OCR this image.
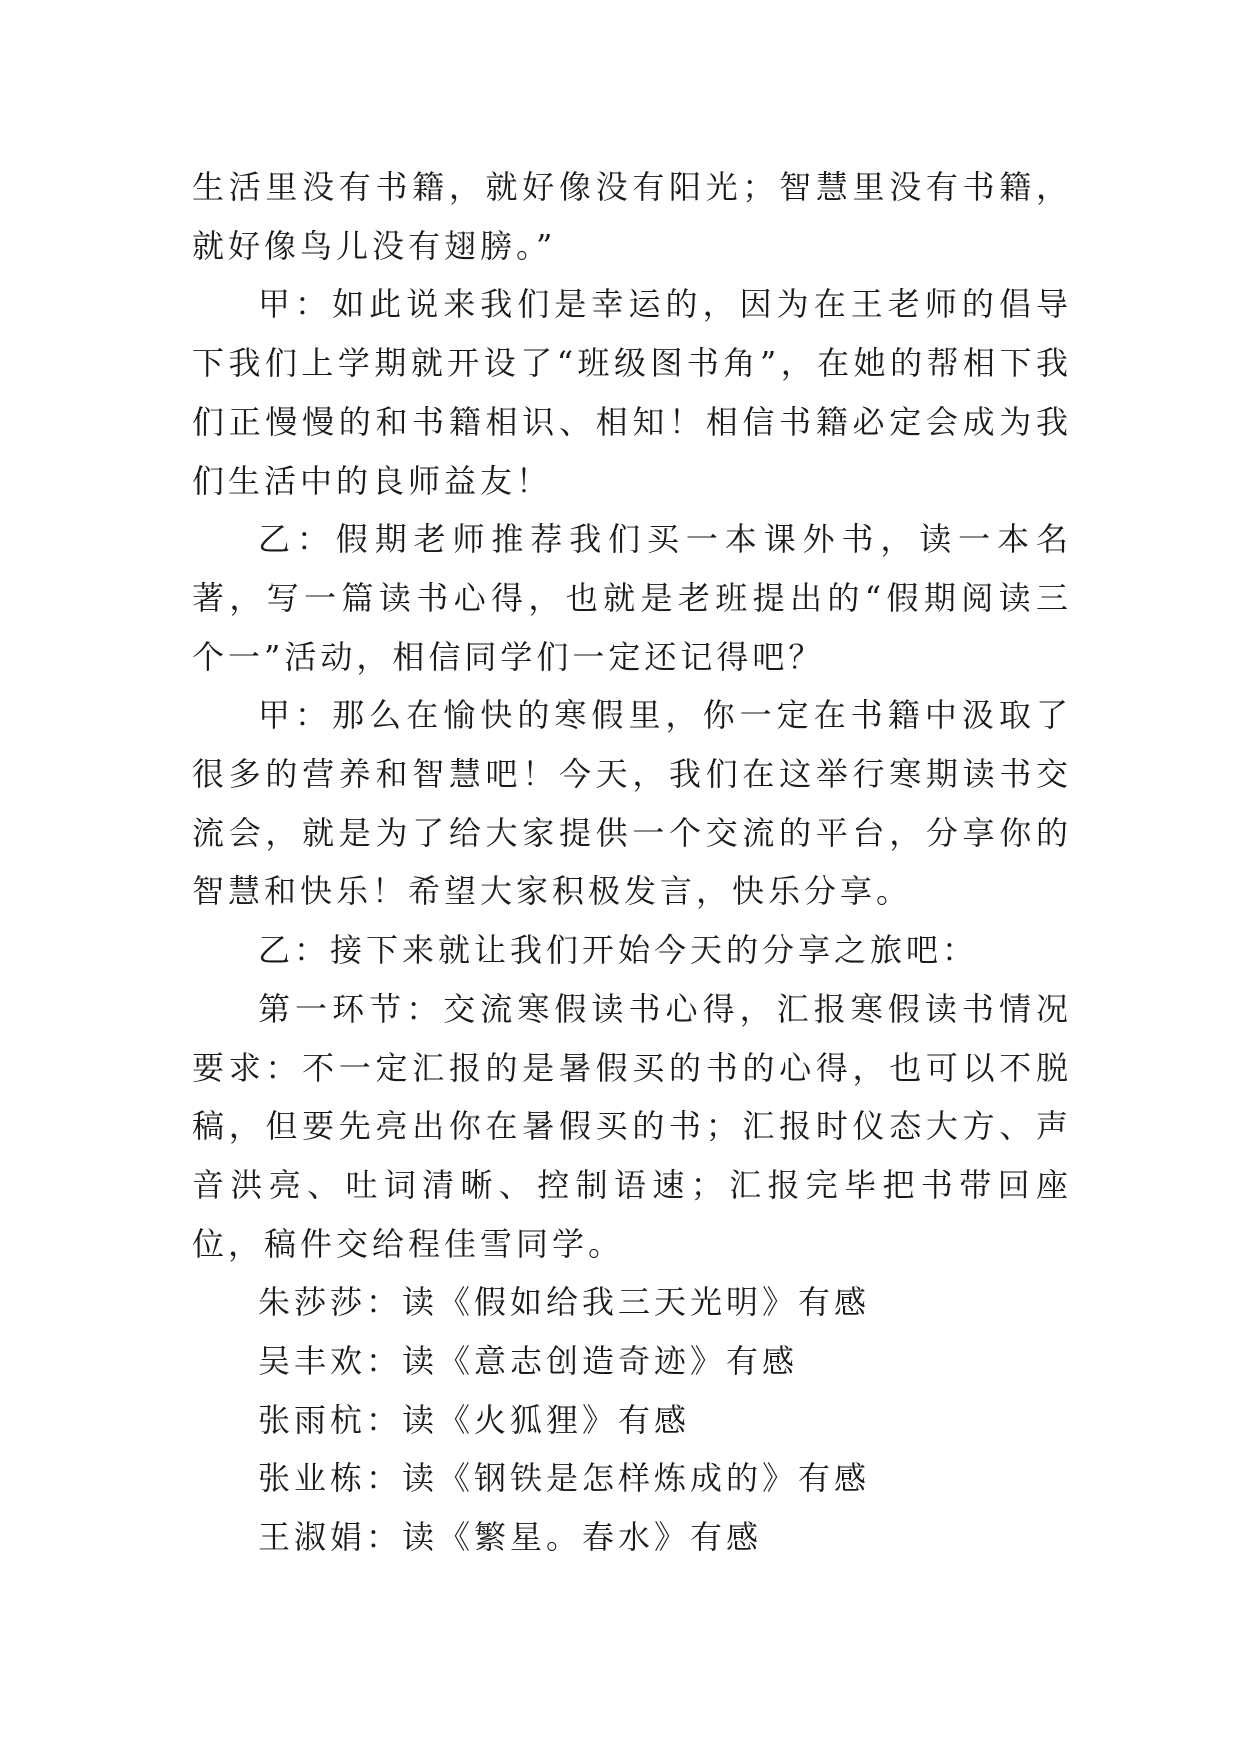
生活里没有书籍，就好像没有阳光；智慧里没有书籍，就好像鸟儿没有翅膀。”

甲：如此说来我们是幸运的，因为在王老师的倡导下我们上学期就开设了“班级图书角”，在她的帮相下我们正慢慢的和书籍相识、相知！相信书籍必定会成为我们生活中的良师益友！

乙：假期老师推荐我们买一本课外书，读一本名著，写一篇读书心得，也就是老班提出的“假期阅读三个一”活动，相信同学们一定还记得吧？

甲：那么在愉快的寒假里，你一定在书籍中汲取了很多的营养和智慧吧！今天，我们在这举行寒期读书交流会，就是为了给大家提供一个交流的平台，分享你的智慧和快乐！希望大家积极发言，快乐分享。

乙：接下来就让我们开始今天的分享之旅吧：

第一环节：交流寒假读书心得，汇报寒假读书情况要求：不一定汇报的是暑假买的书的心得，也可以不脱稿，但要先亮出你在暑假买的书；汇报时仪态大方、声音洪亮、吐词清晰、控制语速；汇报完毕把书带回座位，稿件交给程佳雪同学。

朱莎莎：读《假如给我三天光明》有感

吴丰欢：读《意志创造奇迹》有感

张雨杭：读《火狐狸》有感

张业栋：读《钢铁是怎样炼成的》有感

王淑娟：读《繁星。春水》有感
